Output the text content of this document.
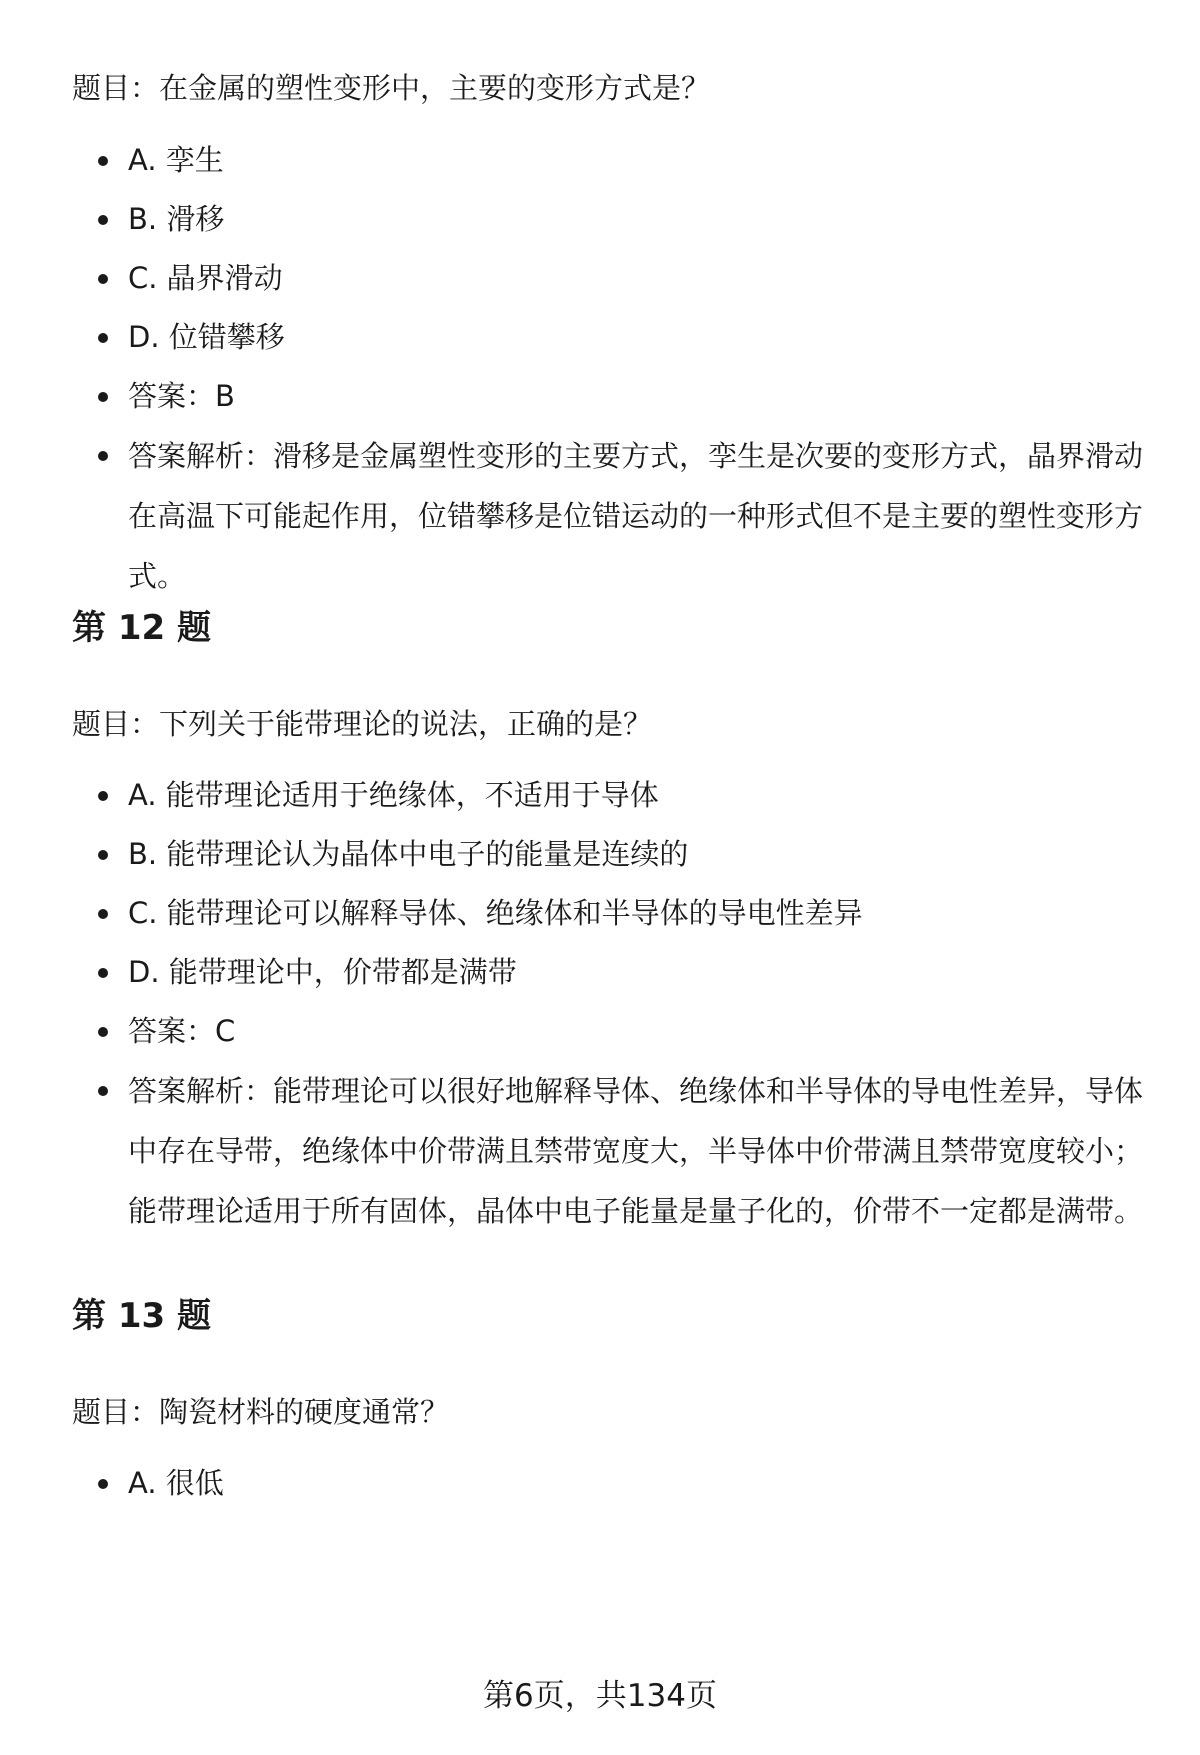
题目：在金属的塑性变形中，主要的变形方式是？
A. 孪生
B. 滑移
C. 晶界滑动
D. 位错攀移
答案：B
答案解析：滑移是金属塑性变形的主要方式，孪生是次要的变形方式，晶界滑动在高温下可能起作用，位错攀移是位错运动的一种形式但不是主要的塑性变形方式。
第 12 题
题目：下列关于能带理论的说法，正确的是？
A. 能带理论适用于绝缘体，不适用于导体
B. 能带理论认为晶体中电子的能量是连续的
C. 能带理论可以解释导体、绝缘体和半导体的导电性差异
D. 能带理论中，价带都是满带
答案：C
答案解析：能带理论可以很好地解释导体、绝缘体和半导体的导电性差异，导体中存在导带，绝缘体中价带满且禁带宽度大，半导体中价带满且禁带宽度较小；能带理论适用于所有固体，晶体中电子能量是量子化的，价带不一定都是满带。
第 13 题
题目：陶瓷材料的硬度通常？
A. 很低
第6页，共134页
